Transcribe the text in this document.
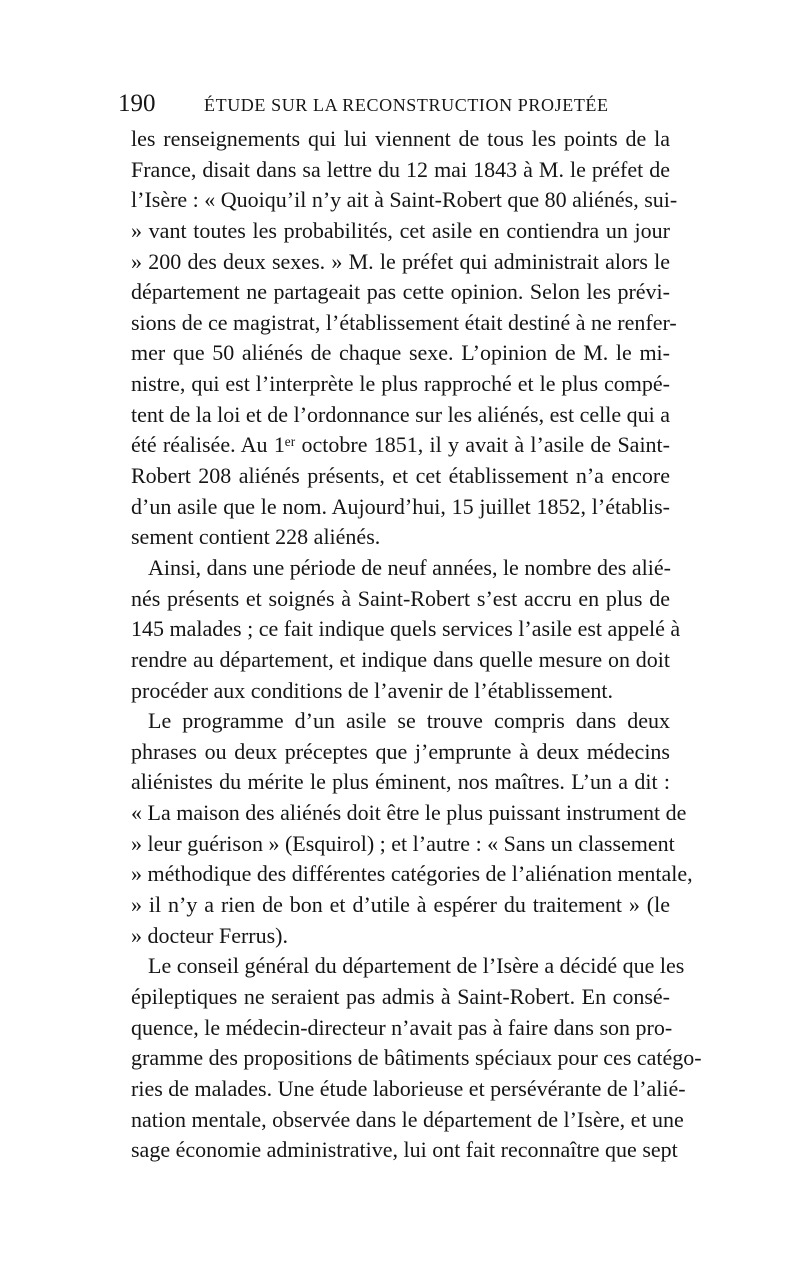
190	ÉTUDE SUR LA RECONSTRUCTION PROJETÉE
les renseignements qui lui viennent de tous les points de la
France, disait dans sa lettre du 12 mai 1843 à M. le préfet de
l’Isère : « Quoiqu’il n’y ait à Saint-Robert que 80 aliénés, sui-
» vant toutes les probabilités, cet asile en contiendra un jour
» 200 des deux sexes. » M. le préfet qui administrait alors le
département ne partageait pas cette opinion. Selon les prévi-
sions de ce magistrat, l’établissement était destiné à ne renfer-
mer que 50 aliénés de chaque sexe. L’opinion de M. le mi-
nistre, qui est l’interprète le plus rapproché et le plus compé-
tent de la loi et de l’ordonnance sur les aliénés, est celle qui a
été réalisée. Au 1ᵉʳ octobre 1851, il y avait à l’asile de Saint-
Robert 208 aliénés présents, et cet établissement n’a encore
d’un asile que le nom. Aujourd’hui, 15 juillet 1852, l’établis-
sement contient 228 aliénés.
Ainsi, dans une période de neuf années, le nombre des alié-
nés présents et soignés à Saint-Robert s’est accru en plus de
145 malades ; ce fait indique quels services l’asile est appelé à
rendre au département, et indique dans quelle mesure on doit
procéder aux conditions de l’avenir de l’établissement.
Le programme d’un asile se trouve compris dans deux
phrases ou deux préceptes que j’emprunte à deux médecins
aliénistes du mérite le plus éminent, nos maîtres. L’un a dit :
« La maison des aliénés doit être le plus puissant instrument de
» leur guérison » (Esquirol) ; et l’autre : « Sans un classement
» méthodique des différentes catégories de l’aliénation mentale,
» il n’y a rien de bon et d’utile à espérer du traitement » (le
» docteur Ferrus).
Le conseil général du département de l’Isère a décidé que les
épileptiques ne seraient pas admis à Saint-Robert. En consé-
quence, le médecin-directeur n’avait pas à faire dans son pro-
gramme des propositions de bâtiments spéciaux pour ces catégo-
ries de malades. Une étude laborieuse et persévérante de l’alié-
nation mentale, observée dans le département de l’Isère, et une
sage économie administrative, lui ont fait reconnaître que sept
